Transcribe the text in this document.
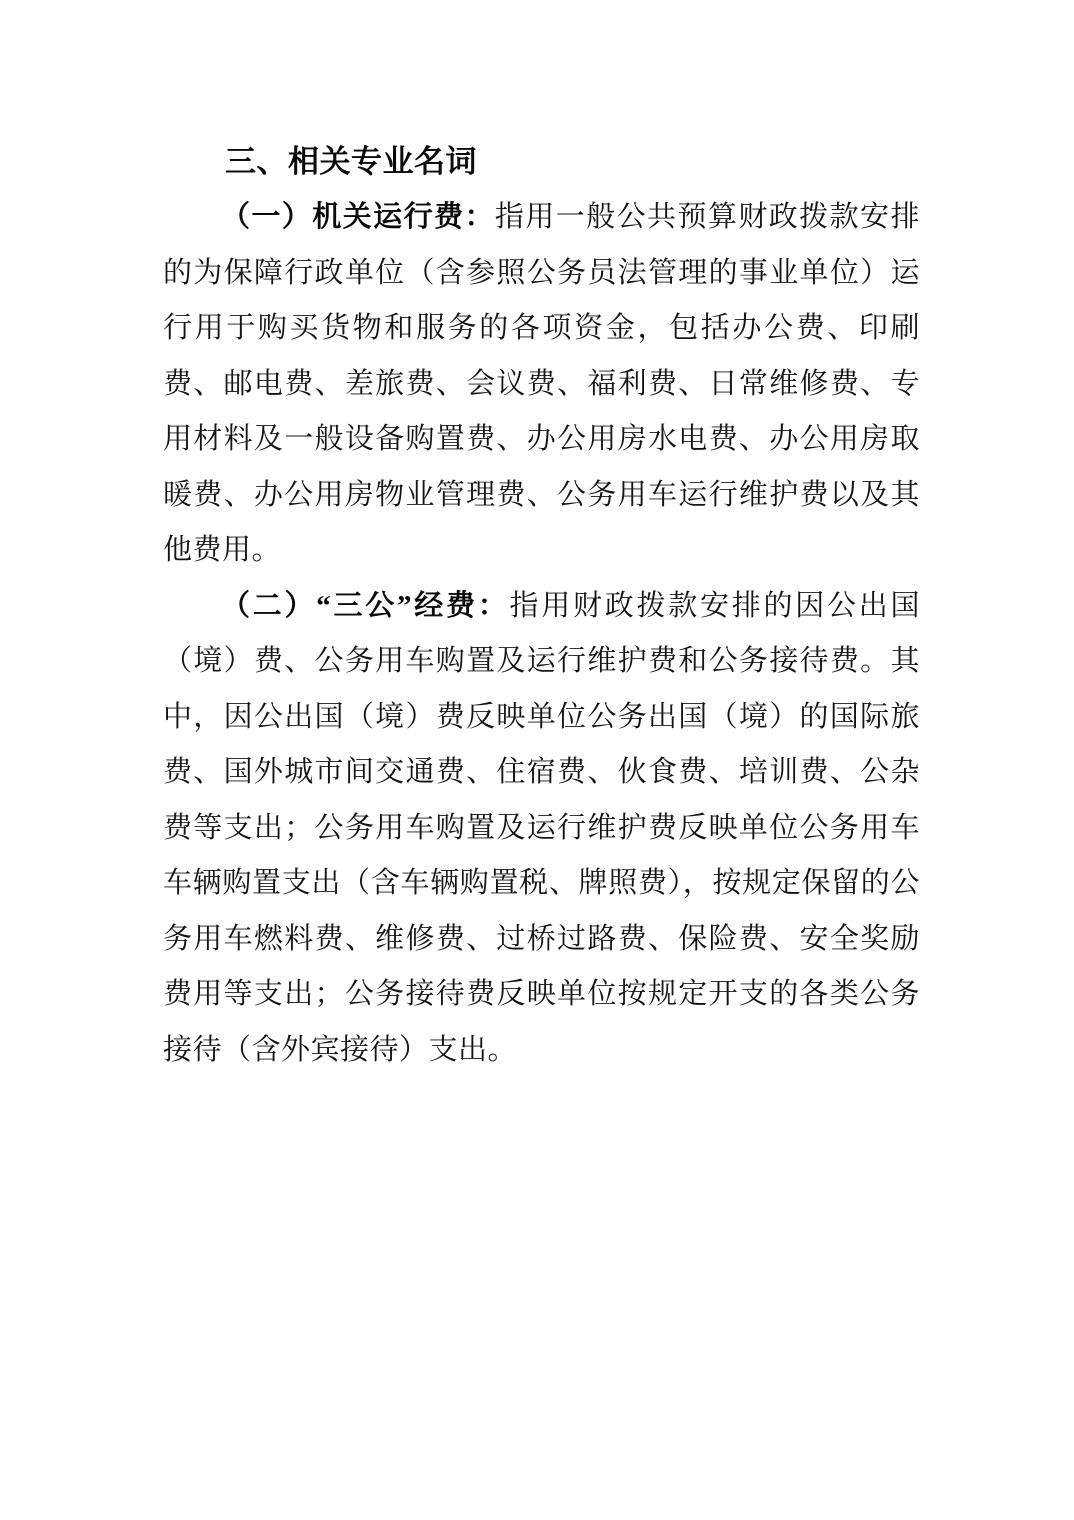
三、相关专业名词

（一）机关运行费：指用一般公共预算财政拨款安排的为保障行政单位（含参照公务员法管理的事业单位）运行用于购买货物和服务的各项资金，包括办公费、印刷费、邮电费、差旅费、会议费、福利费、日常维修费、专用材料及一般设备购置费、办公用房水电费、办公用房取暖费、办公用房物业管理费、公务用车运行维护费以及其他费用。

（二）“三公”经费：指用财政拨款安排的因公出国（境）费、公务用车购置及运行维护费和公务接待费。其中，因公出国（境）费反映单位公务出国（境）的国际旅费、国外城市间交通费、住宿费、伙食费、培训费、公杂费等支出；公务用车购置及运行维护费反映单位公务用车车辆购置支出（含车辆购置税、牌照费），按规定保留的公务用车燃料费、维修费、过桥过路费、保险费、安全奖励费用等支出；公务接待费反映单位按规定开支的各类公务接待（含外宾接待）支出。
